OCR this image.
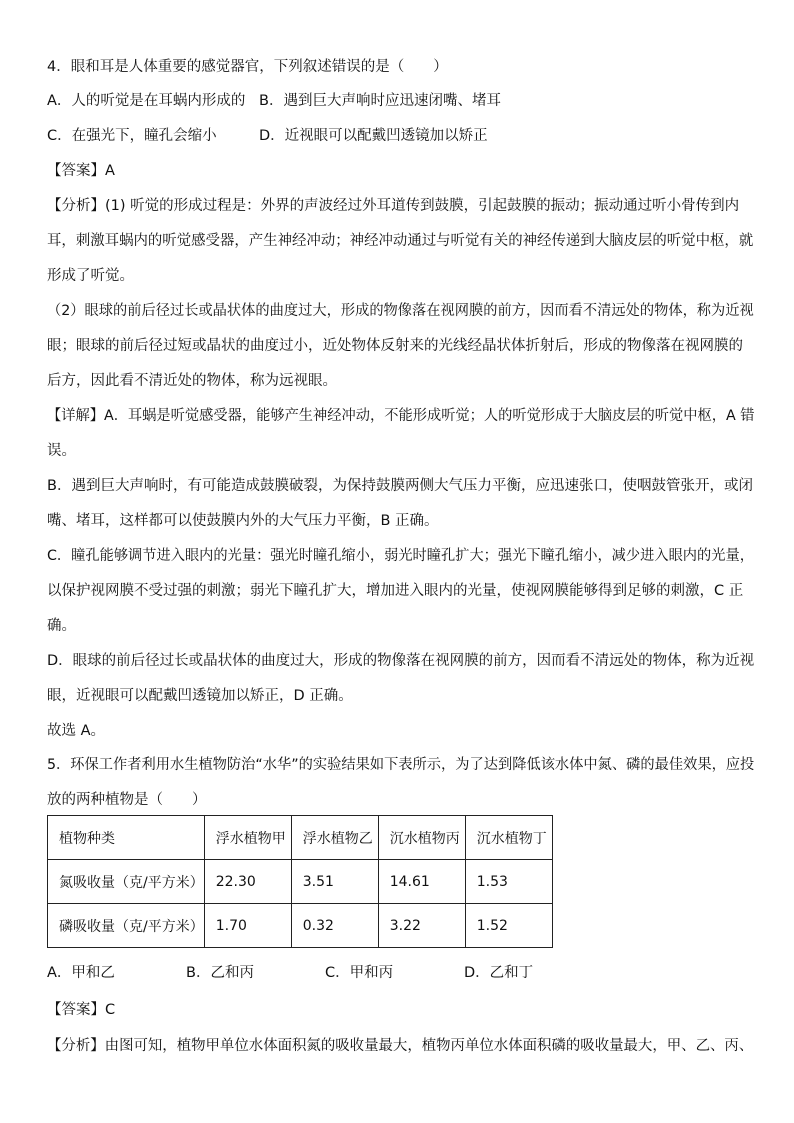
4．眼和耳是人体重要的感觉器官，下列叙述错误的是（　　）
A．人的听觉是在耳蜗内形成的 B．遇到巨大声响时应迅速闭嘴、堵耳
C．在强光下，瞳孔会缩小	D．近视眼可以配戴凹透镜加以矫正
【答案】A
【分析】(1) 听觉的形成过程是：外界的声波经过外耳道传到鼓膜，引起鼓膜的振动；振动通过听小骨传到内
耳，刺激耳蜗内的听觉感受器，产生神经冲动；神经冲动通过与听觉有关的神经传递到大脑皮层的听觉中枢，就
形成了听觉。
（2）眼球的前后径过长或晶状体的曲度过大，形成的物像落在视网膜的前方，因而看不清远处的物体，称为近视
眼；眼球的前后径过短或晶状的曲度过小，近处物体反射来的光线经晶状体折射后，形成的物像落在视网膜的
后方，因此看不清近处的物体，称为远视眼。
【详解】A．耳蜗是听觉感受器，能够产生神经冲动，不能形成听觉；人的听觉形成于大脑皮层的听觉中枢，A 错
误。
B．遇到巨大声响时，有可能造成鼓膜破裂，为保持鼓膜两侧大气压力平衡，应迅速张口，使咽鼓管张开，或闭
嘴、堵耳，这样都可以使鼓膜内外的大气压力平衡，B 正确。
C．瞳孔能够调节进入眼内的光量：强光时瞳孔缩小，弱光时瞳孔扩大；强光下瞳孔缩小，减少进入眼内的光量，
以保护视网膜不受过强的刺激；弱光下瞳孔扩大，增加进入眼内的光量，使视网膜能够得到足够的刺激，C 正
确。
D．眼球的前后径过长或晶状体的曲度过大，形成的物像落在视网膜的前方，因而看不清远处的物体，称为近视
眼，近视眼可以配戴凹透镜加以矫正，D 正确。
故选 A。
5．环保工作者利用水生植物防治“水华”的实验结果如下表所示，为了达到降低该水体中氮、磷的最佳效果，应投
放的两种植物是（　　）
植物种类	浮水植物甲	浮水植物乙	沉水植物丙	沉水植物丁
氮吸收量（克/平方米）	22.30	3.51	14.61	1.53
磷吸收量（克/平方米）	1.70	0.32	3.22	1.52
A．甲和乙	B．乙和丙	C．甲和丙	D．乙和丁
【答案】C
【分析】由图可知，植物甲单位水体面积氮的吸收量最大，植物丙单位水体面积磷的吸收量最大，甲、乙、丙、
